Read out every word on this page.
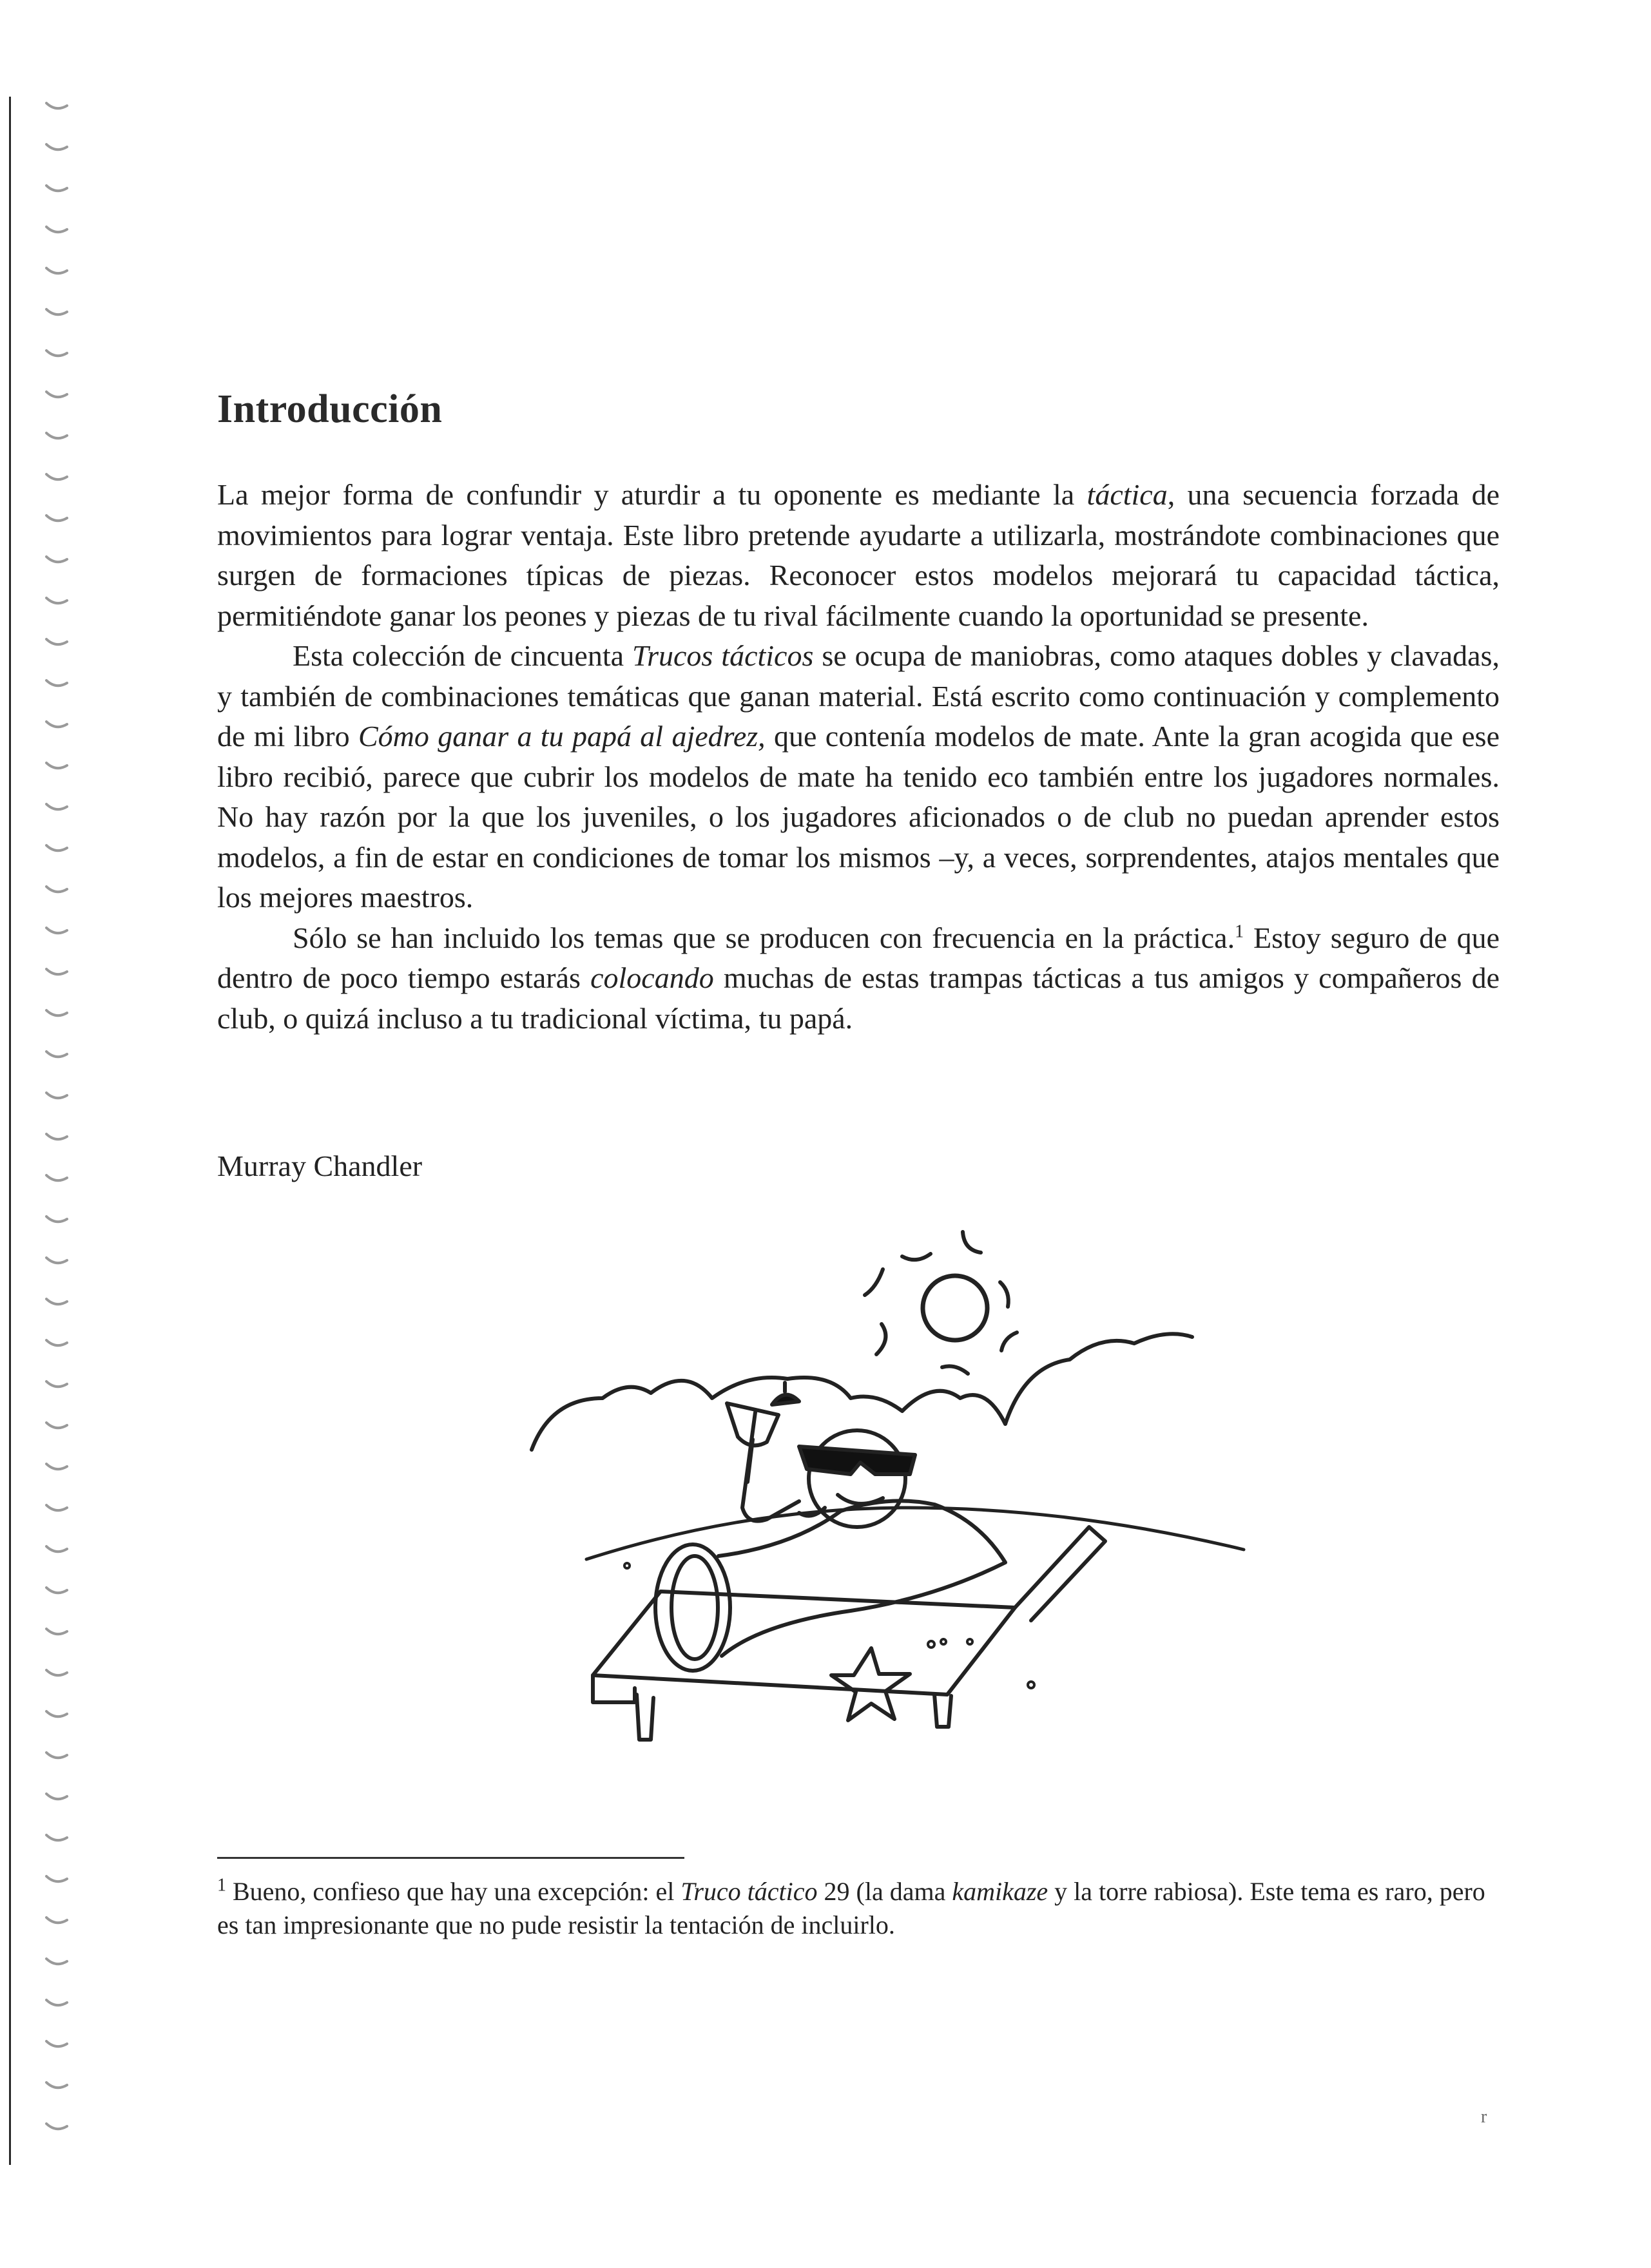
Introducción

La mejor forma de confundir y aturdir a tu oponente es mediante la táctica, una secuencia forzada de movimientos para lograr ventaja. Este libro pretende ayudarte a utilizarla, mostrándote combinaciones que surgen de formaciones típicas de piezas. Reconocer estos modelos mejorará tu capacidad táctica, permitiéndote ganar los peones y piezas de tu rival fácilmente cuando la oportunidad se presente.

Esta colección de cincuenta Trucos tácticos se ocupa de maniobras, como ataques dobles y clavadas, y también de combinaciones temáticas que ganan material. Está escrito como continuación y complemento de mi libro Cómo ganar a tu papá al ajedrez, que contenía modelos de mate. Ante la gran acogida que ese libro recibió, parece que cubrir los modelos de mate ha tenido eco también entre los jugadores normales. No hay razón por la que los juveniles, o los jugadores aficionados o de club no puedan aprender estos modelos, a fin de estar en condiciones de tomar los mismos –y, a veces, sorprendentes, atajos mentales que los mejores maestros.

Sólo se han incluido los temas que se producen con frecuencia en la práctica.$^1$ Estoy seguro de que dentro de poco tiempo estarás colocando muchas de estas trampas tácticas a tus amigos y compañeros de club, o quizá incluso a tu tradicional víctima, tu papá.

Murray Chandler

$^1$ Bueno, confieso que hay una excepción: el Truco táctico 29 (la dama kamikaze y la torre rabiosa). Este tema es raro, pero es tan impresionante que no pude resistir la tentación de incluirlo.

r
